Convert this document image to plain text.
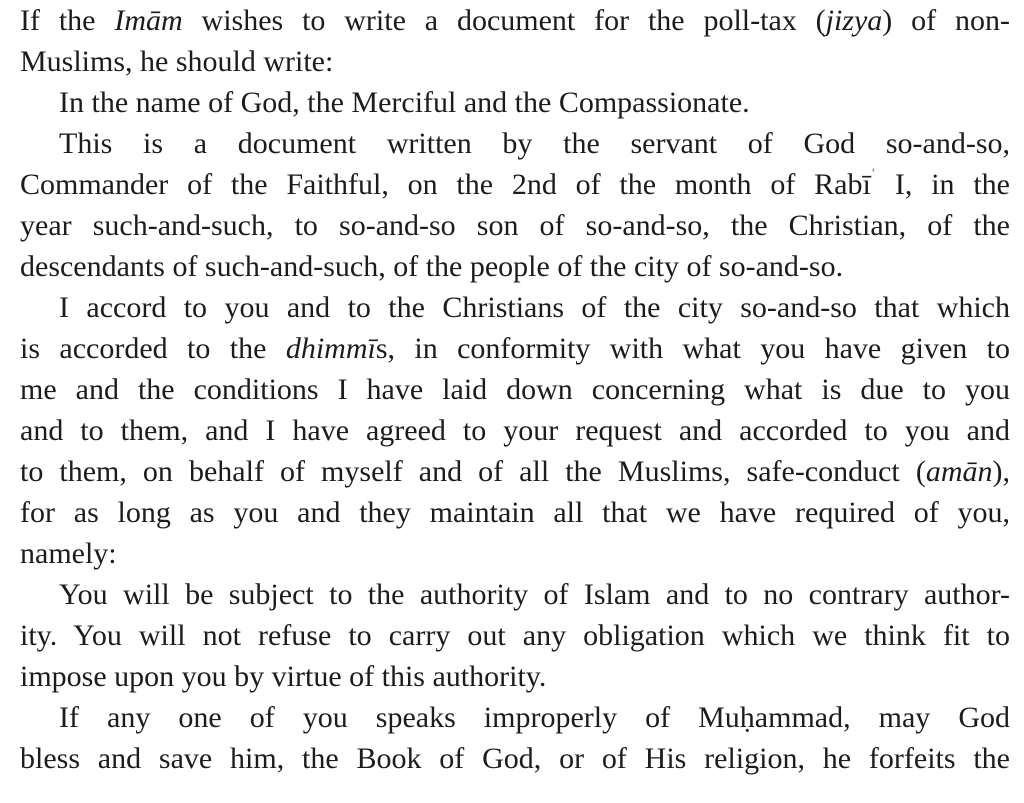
If the Imām wishes to write a document for the poll-tax (jizya) of non-
Muslims, he should write:
In the name of God, the Merciful and the Compassionate.
This is a document written by the servant of God so-and-so,
Commander of the Faithful, on the 2nd of the month of Rabī$^ʿ$ I, in the
year such-and-such, to so-and-so son of so-and-so, the Christian, of the
descendants of such-and-such, of the people of the city of so-and-so.
I accord to you and to the Christians of the city so-and-so that which
is accorded to the dhimmīs, in conformity with what you have given to
me and the conditions I have laid down concerning what is due to you
and to them, and I have agreed to your request and accorded to you and
to them, on behalf of myself and of all the Muslims, safe-conduct (amān),
for as long as you and they maintain all that we have required of you,
namely:
You will be subject to the authority of Islam and to no contrary author-
ity. You will not refuse to carry out any obligation which we think fit to
impose upon you by virtue of this authority.
If any one of you speaks improperly of Muḥammad, may God
bless and save him, the Book of God, or of His religion, he forfeits the
